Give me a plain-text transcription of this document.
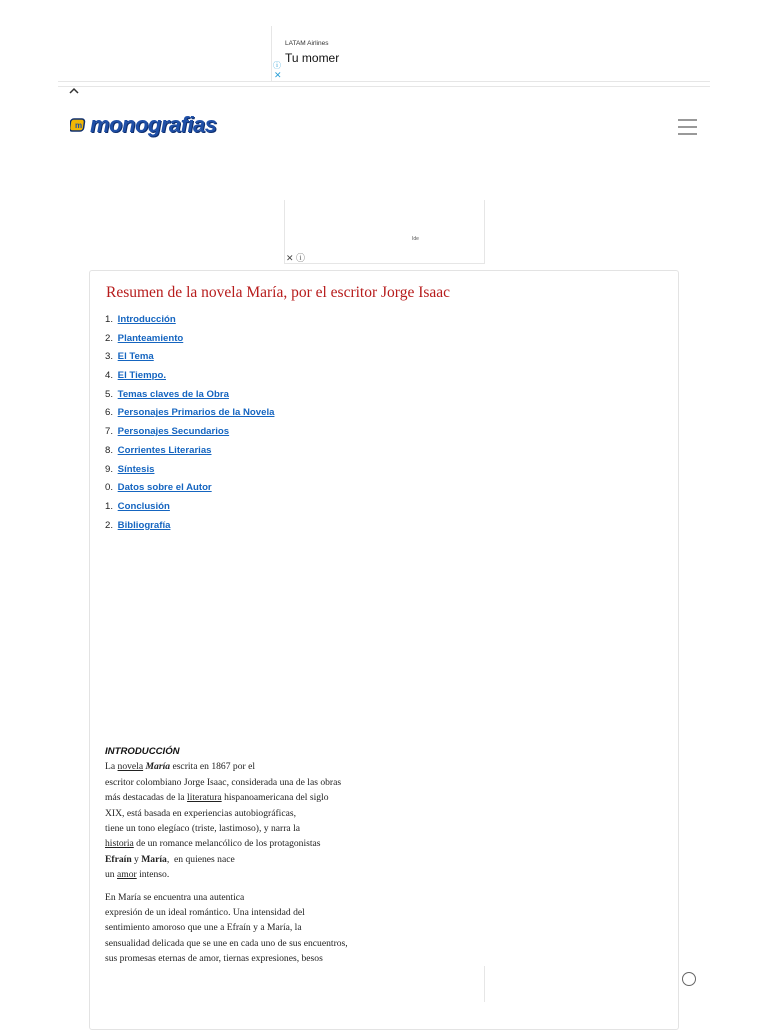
LATAM Airlines
Tu momer
ⓘ
✕
m monografias
Ide
✕ ⓘ
Resumen de la novela María, por el escritor Jorge Isaac
1. Introducción
2. Planteamiento
3. El Tema
4. El Tiempo.
5. Temas claves de la Obra
6. Personajes Primarios de la Novela
7. Personajes Secundarios
8. Corrientes Literarias
9. Síntesis
0. Datos sobre el Autor
1. Conclusión
2. Bibliografía
INTRODUCCIÓN

La novela María escrita en 1867 por el
escritor colombiano Jorge Isaac, considerada una de las obras
más destacadas de la literatura hispanoamericana del siglo
XIX, está basada en experiencias autobiográficas,
tiene un tono elegíaco (triste, lastimoso), y narra la
historia de un romance melancólico de los protagonistas
Efraín y María,  en quienes nace
un amor intenso.

En María se encuentra una autentica
expresión de un ideal romántico. Una intensidad del
sentimiento amoroso que une a Efraín y a María, la
sensualidad delicada que se une en cada uno de sus encuentros,
sus promesas eternas de amor, tiernas expresiones, besos
